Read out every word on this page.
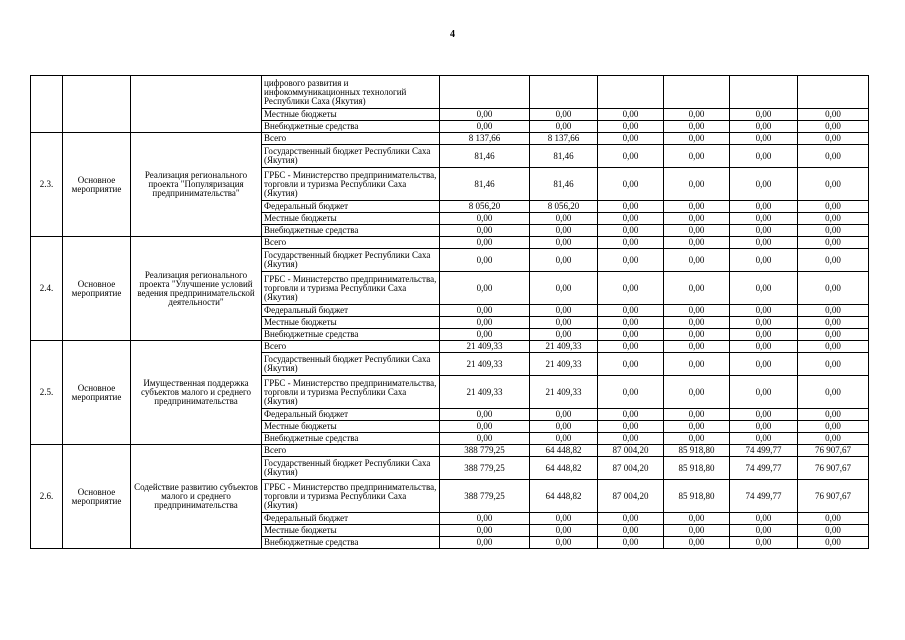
4
			цифрового развития и инфокоммуникационных технологий Республики Саха (Якутия)						
			Местные бюджеты	0,00	0,00	0,00	0,00	0,00	0,00
			Внебюджетные средства	0,00	0,00	0,00	0,00	0,00	0,00
2.3.	Основное мероприятие	Реализация регионального проекта "Популяризация предпринимательства"	Всего	8 137,66	8 137,66	0,00	0,00	0,00	0,00
			Государственный бюджет Республики Саха (Якутия)	81,46	81,46	0,00	0,00	0,00	0,00
			ГРБС - Министерство предпринимательства, торговли и туризма Республики Саха (Якутия)	81,46	81,46	0,00	0,00	0,00	0,00
			Федеральный бюджет	8 056,20	8 056,20	0,00	0,00	0,00	0,00
			Местные бюджеты	0,00	0,00	0,00	0,00	0,00	0,00
			Внебюджетные средства	0,00	0,00	0,00	0,00	0,00	0,00
2.4.	Основное мероприятие	Реализация регионального проекта "Улучшение условий ведения предпринимательской деятельности"	Всего	0,00	0,00	0,00	0,00	0,00	0,00
			Государственный бюджет Республики Саха (Якутия)	0,00	0,00	0,00	0,00	0,00	0,00
			ГРБС - Министерство предпринимательства, торговли и туризма Республики Саха (Якутия)	0,00	0,00	0,00	0,00	0,00	0,00
			Федеральный бюджет	0,00	0,00	0,00	0,00	0,00	0,00
			Местные бюджеты	0,00	0,00	0,00	0,00	0,00	0,00
			Внебюджетные средства	0,00	0,00	0,00	0,00	0,00	0,00
2.5.	Основное мероприятие	Имущественная поддержка субъектов малого и среднего предпринимательства	Всего	21 409,33	21 409,33	0,00	0,00	0,00	0,00
			Государственный бюджет Республики Саха (Якутия)	21 409,33	21 409,33	0,00	0,00	0,00	0,00
			ГРБС - Министерство предпринимательства, торговли и туризма Республики Саха (Якутия)	21 409,33	21 409,33	0,00	0,00	0,00	0,00
			Федеральный бюджет	0,00	0,00	0,00	0,00	0,00	0,00
			Местные бюджеты	0,00	0,00	0,00	0,00	0,00	0,00
			Внебюджетные средства	0,00	0,00	0,00	0,00	0,00	0,00
2.6.	Основное мероприятие	Содействие развитию субъектов малого и среднего предпринимательства	Всего	388 779,25	64 448,82	87 004,20	85 918,80	74 499,77	76 907,67
			Государственный бюджет Республики Саха (Якутия)	388 779,25	64 448,82	87 004,20	85 918,80	74 499,77	76 907,67
			ГРБС - Министерство предпринимательства, торговли и туризма Республики Саха (Якутия)	388 779,25	64 448,82	87 004,20	85 918,80	74 499,77	76 907,67
			Федеральный бюджет	0,00	0,00	0,00	0,00	0,00	0,00
			Местные бюджеты	0,00	0,00	0,00	0,00	0,00	0,00
			Внебюджетные средства	0,00	0,00	0,00	0,00	0,00	0,00
